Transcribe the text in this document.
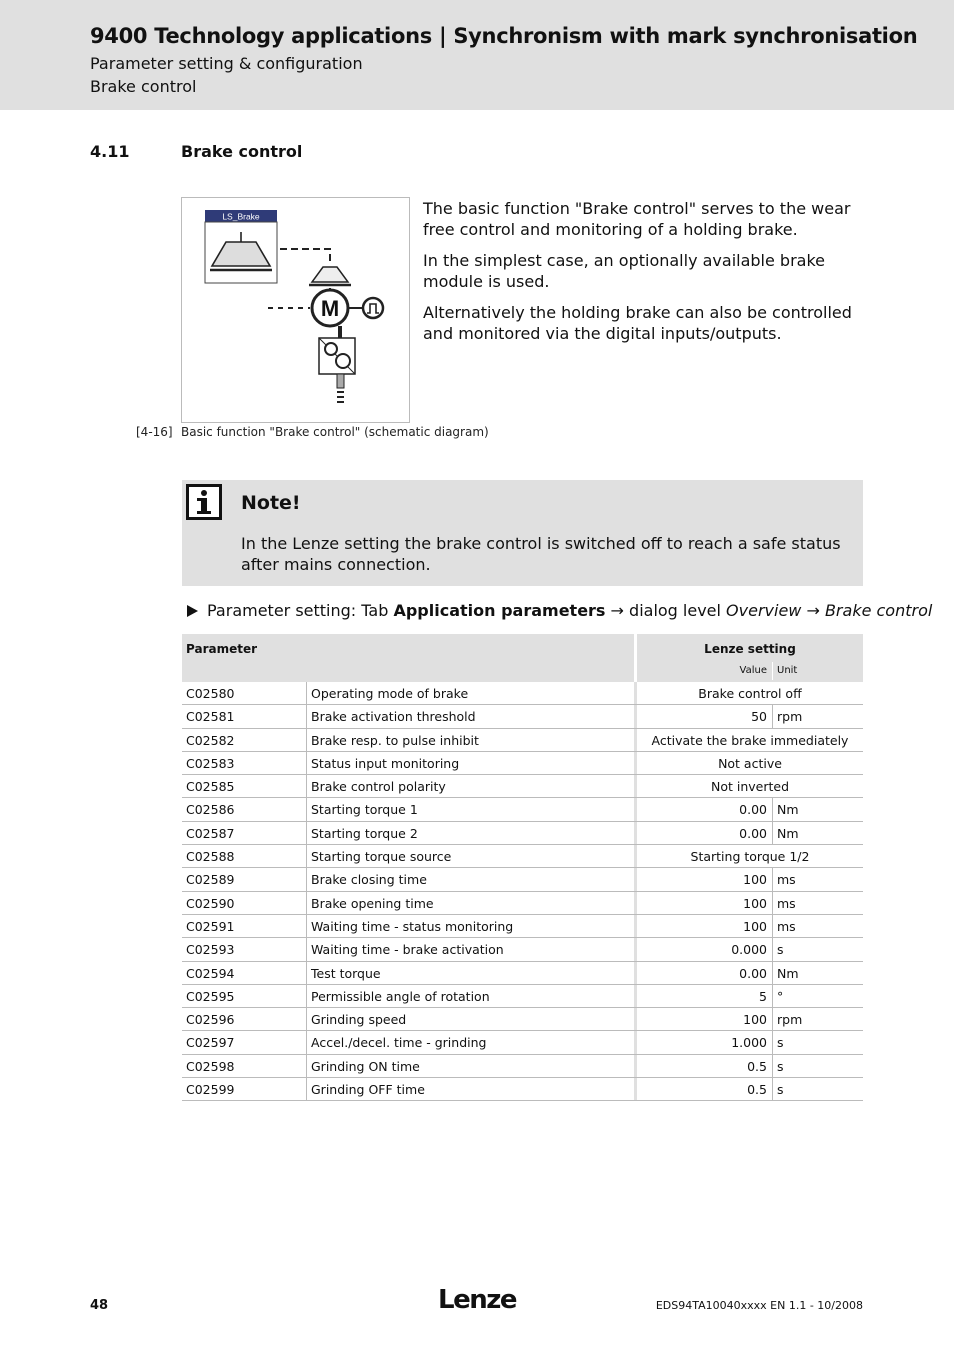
9400 Technology applications | Synchronism with mark synchronisation
Parameter setting & configuration
Brake control
4.11	Brake control
LS_Brake
M

The basic function "Brake control" serves to the wear free control and monitoring of a holding brake.

In the simplest case, an optionally available brake module is used.

Alternatively the holding brake can also be controlled and monitored via the digital inputs/outputs.

[4-16] Basic function "Brake control" (schematic diagram)
Note!
In the Lenze setting the brake control is switched off to reach a safe status after mains connection.
Parameter setting: Tab Application parameters → dialog level Overview → Brake control
Parameter	Lenze setting
Value Unit
C02580	Operating mode of brake	Brake control off
C02581	Brake activation threshold	50 rpm
C02582	Brake resp. to pulse inhibit	Activate the brake immediately
C02583	Status input monitoring	Not active
C02585	Brake control polarity	Not inverted
C02586	Starting torque 1	0.00 Nm
C02587	Starting torque 2	0.00 Nm
C02588	Starting torque source	Starting torque 1/2
C02589	Brake closing time	100 ms
C02590	Brake opening time	100 ms
C02591	Waiting time - status monitoring	100 ms
C02593	Waiting time - brake activation	0.000 s
C02594	Test torque	0.00 Nm
C02595	Permissible angle of rotation	5 °
C02596	Grinding speed	100 rpm
C02597	Accel./decel. time - grinding	1.000 s
C02598	Grinding ON time	0.5 s
C02599	Grinding OFF time	0.5 s
48	Lenze	EDS94TA10040xxxx EN 1.1 - 10/2008
